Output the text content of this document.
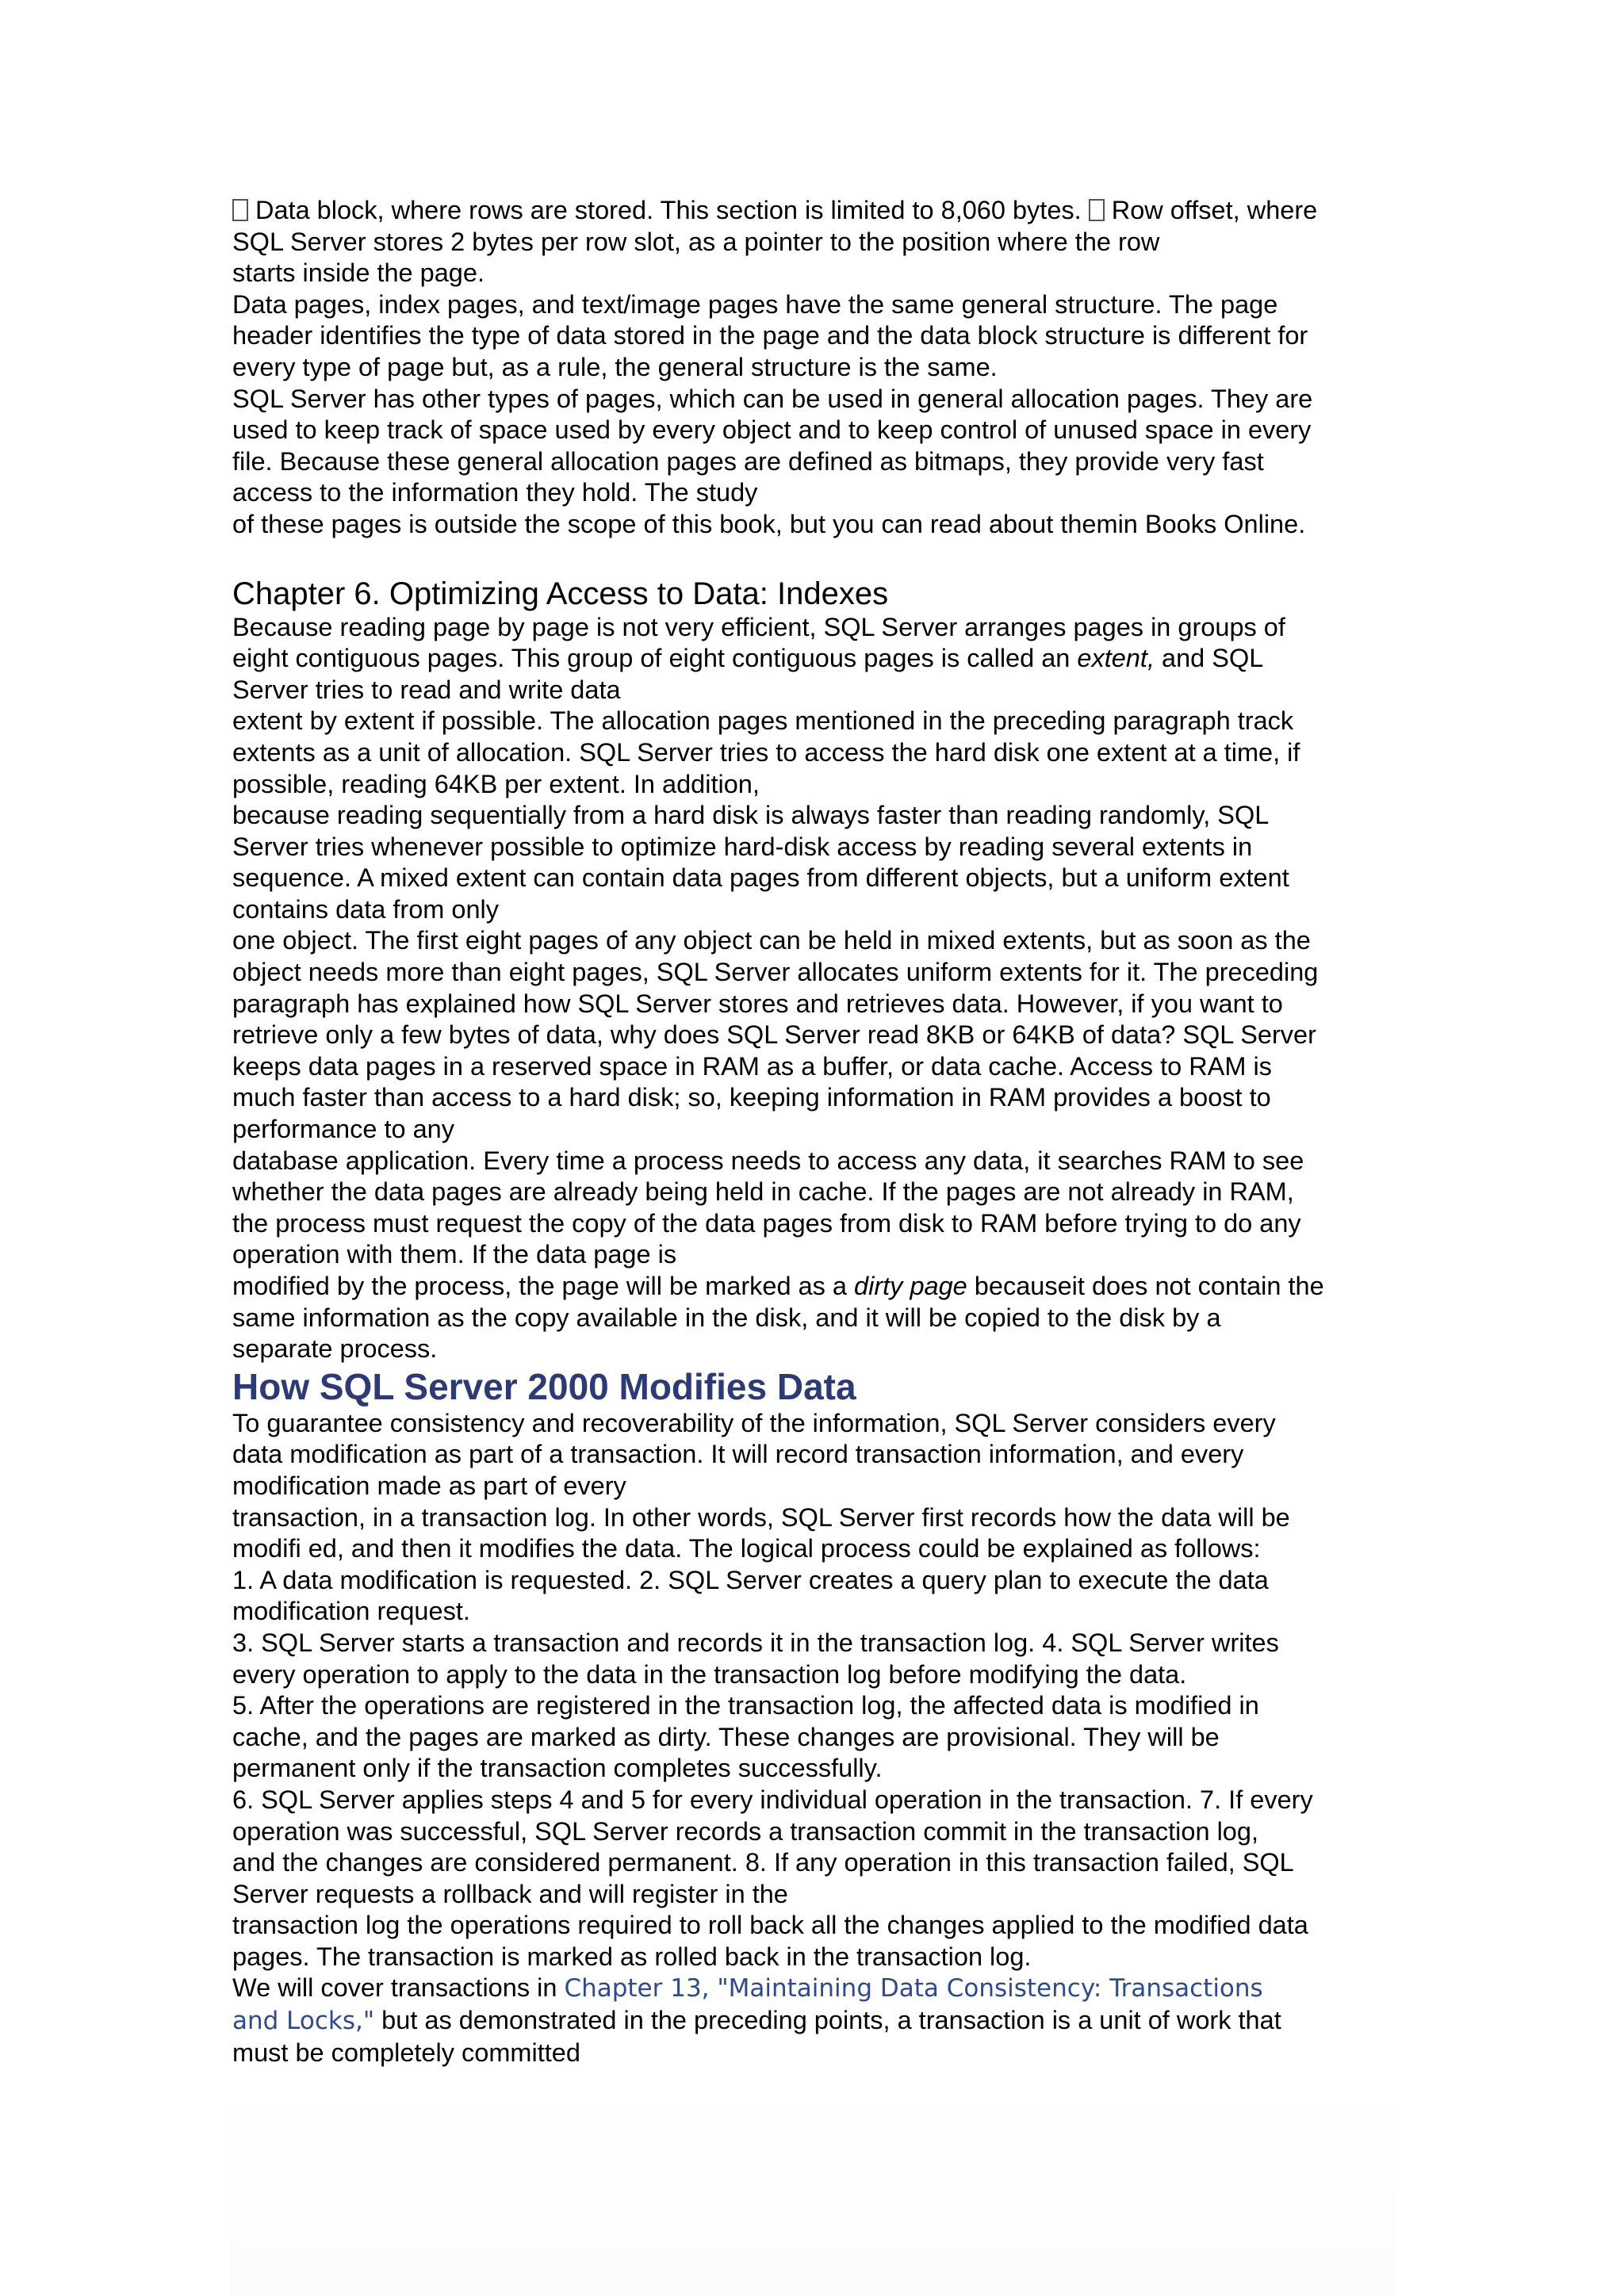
Data block, where rows are stored. This section is limited to 8,060 bytes. Row offset, where
SQL Server stores 2 bytes per row slot, as a pointer to the position where the row
starts inside the page.
Data pages, index pages, and text/image pages have the same general structure. The page
header identifies the type of data stored in the page and the data block structure is different for
every type of page but, as a rule, the general structure is the same.
SQL Server has other types of pages, which can be used in general allocation pages. They are
used to keep track of space used by every object and to keep control of unused space in every
file. Because these general allocation pages are defined as bitmaps, they provide very fast
access to the information they hold. The study
of these pages is outside the scope of this book, but you can read about themin Books Online.
Chapter 6. Optimizing Access to Data: Indexes
Because reading page by page is not very efficient, SQL Server arranges pages in groups of
eight contiguous pages. This group of eight contiguous pages is called an extent, and SQL
Server tries to read and write data
extent by extent if possible. The allocation pages mentioned in the preceding paragraph track
extents as a unit of allocation. SQL Server tries to access the hard disk one extent at a time, if
possible, reading 64KB per extent. In addition,
because reading sequentially from a hard disk is always faster than reading randomly, SQL
Server tries whenever possible to optimize hard-disk access by reading several extents in
sequence. A mixed extent can contain data pages from different objects, but a uniform extent
contains data from only
one object. The first eight pages of any object can be held in mixed extents, but as soon as the
object needs more than eight pages, SQL Server allocates uniform extents for it. The preceding
paragraph has explained how SQL Server stores and retrieves data. However, if you want to
retrieve only a few bytes of data, why does SQL Server read 8KB or 64KB of data? SQL Server
keeps data pages in a reserved space in RAM as a buffer, or data cache. Access to RAM is
much faster than access to a hard disk; so, keeping information in RAM provides a boost to
performance to any
database application. Every time a process needs to access any data, it searches RAM to see
whether the data pages are already being held in cache. If the pages are not already in RAM,
the process must request the copy of the data pages from disk to RAM before trying to do any
operation with them. If the data page is
modified by the process, the page will be marked as a dirty page becauseit does not contain the
same information as the copy available in the disk, and it will be copied to the disk by a
separate process.
How SQL Server 2000 Modifies Data
To guarantee consistency and recoverability of the information, SQL Server considers every
data modification as part of a transaction. It will record transaction information, and every
modification made as part of every
transaction, in a transaction log. In other words, SQL Server first records how the data will be
modifi ed, and then it modifies the data. The logical process could be explained as follows:
1. A data modification is requested. 2. SQL Server creates a query plan to execute the data
modification request.
3. SQL Server starts a transaction and records it in the transaction log. 4. SQL Server writes
every operation to apply to the data in the transaction log before modifying the data.
5. After the operations are registered in the transaction log, the affected data is modified in
cache, and the pages are marked as dirty. These changes are provisional. They will be
permanent only if the transaction completes successfully.
6. SQL Server applies steps 4 and 5 for every individual operation in the transaction. 7. If every
operation was successful, SQL Server records a transaction commit in the transaction log,
and the changes are considered permanent. 8. If any operation in this transaction failed, SQL
Server requests a rollback and will register in the
transaction log the operations required to roll back all the changes applied to the modified data
pages. The transaction is marked as rolled back in the transaction log.
We will cover transactions in Chapter 13, "Maintaining Data Consistency: Transactions
and Locks," but as demonstrated in the preceding points, a transaction is a unit of work that
must be completely committed
